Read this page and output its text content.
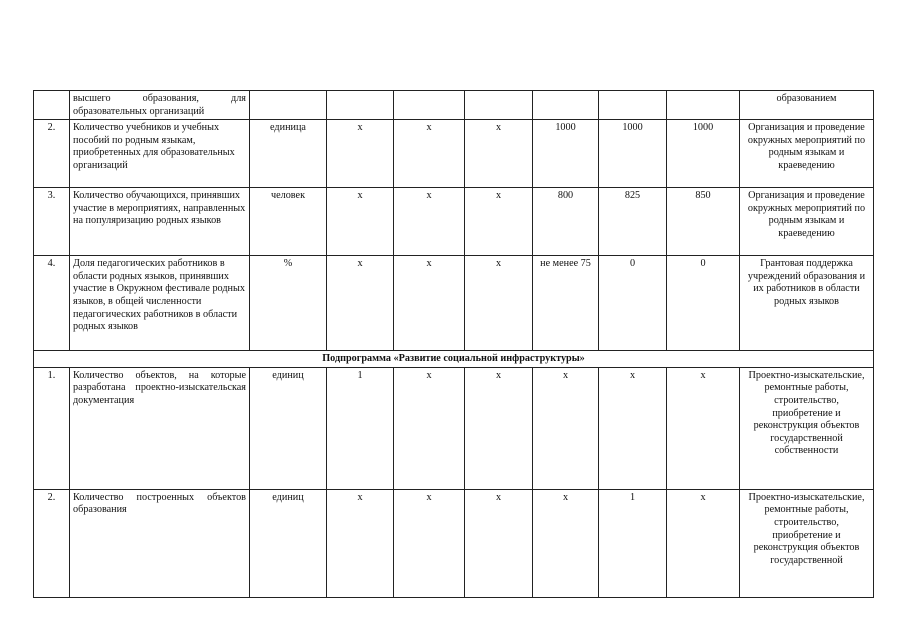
	высшего образования, для образовательных организаций								образованием
2.	Количество учебников и учебных пособий по родным языкам, приобретенных для образовательных организаций	единица	х	х	х	1000	1000	1000	Организация и проведение окружных мероприятий по родным языкам и краеведению
3.	Количество обучающихся, принявших участие в мероприятиях, направленных на популяризацию родных языков	человек	х	х	х	800	825	850	Организация и проведение окружных мероприятий по родным языкам и краеведению
4.	Доля педагогических работников в области родных языков, принявших участие в Окружном фестивале родных языков, в общей численности педагогических работников в области родных языков	%	х	х	х	не менее 75	0	0	Грантовая поддержка учреждений образования и их работников в области родных языков
Подпрограмма «Развитие социальной инфраструктуры»									
1.	Количество объектов, на которые разработана проектно-изыскательская документация	единиц	1	х	х	х	х	х	Проектно-изыскательские, ремонтные работы, строительство, приобретение и реконструкция объектов государственной собственности
2.	Количество построенных объектов образования	единиц	х	х	х	х	1	х	Проектно-изыскательские, ремонтные работы, строительство, приобретение и реконструкция объектов государственной
